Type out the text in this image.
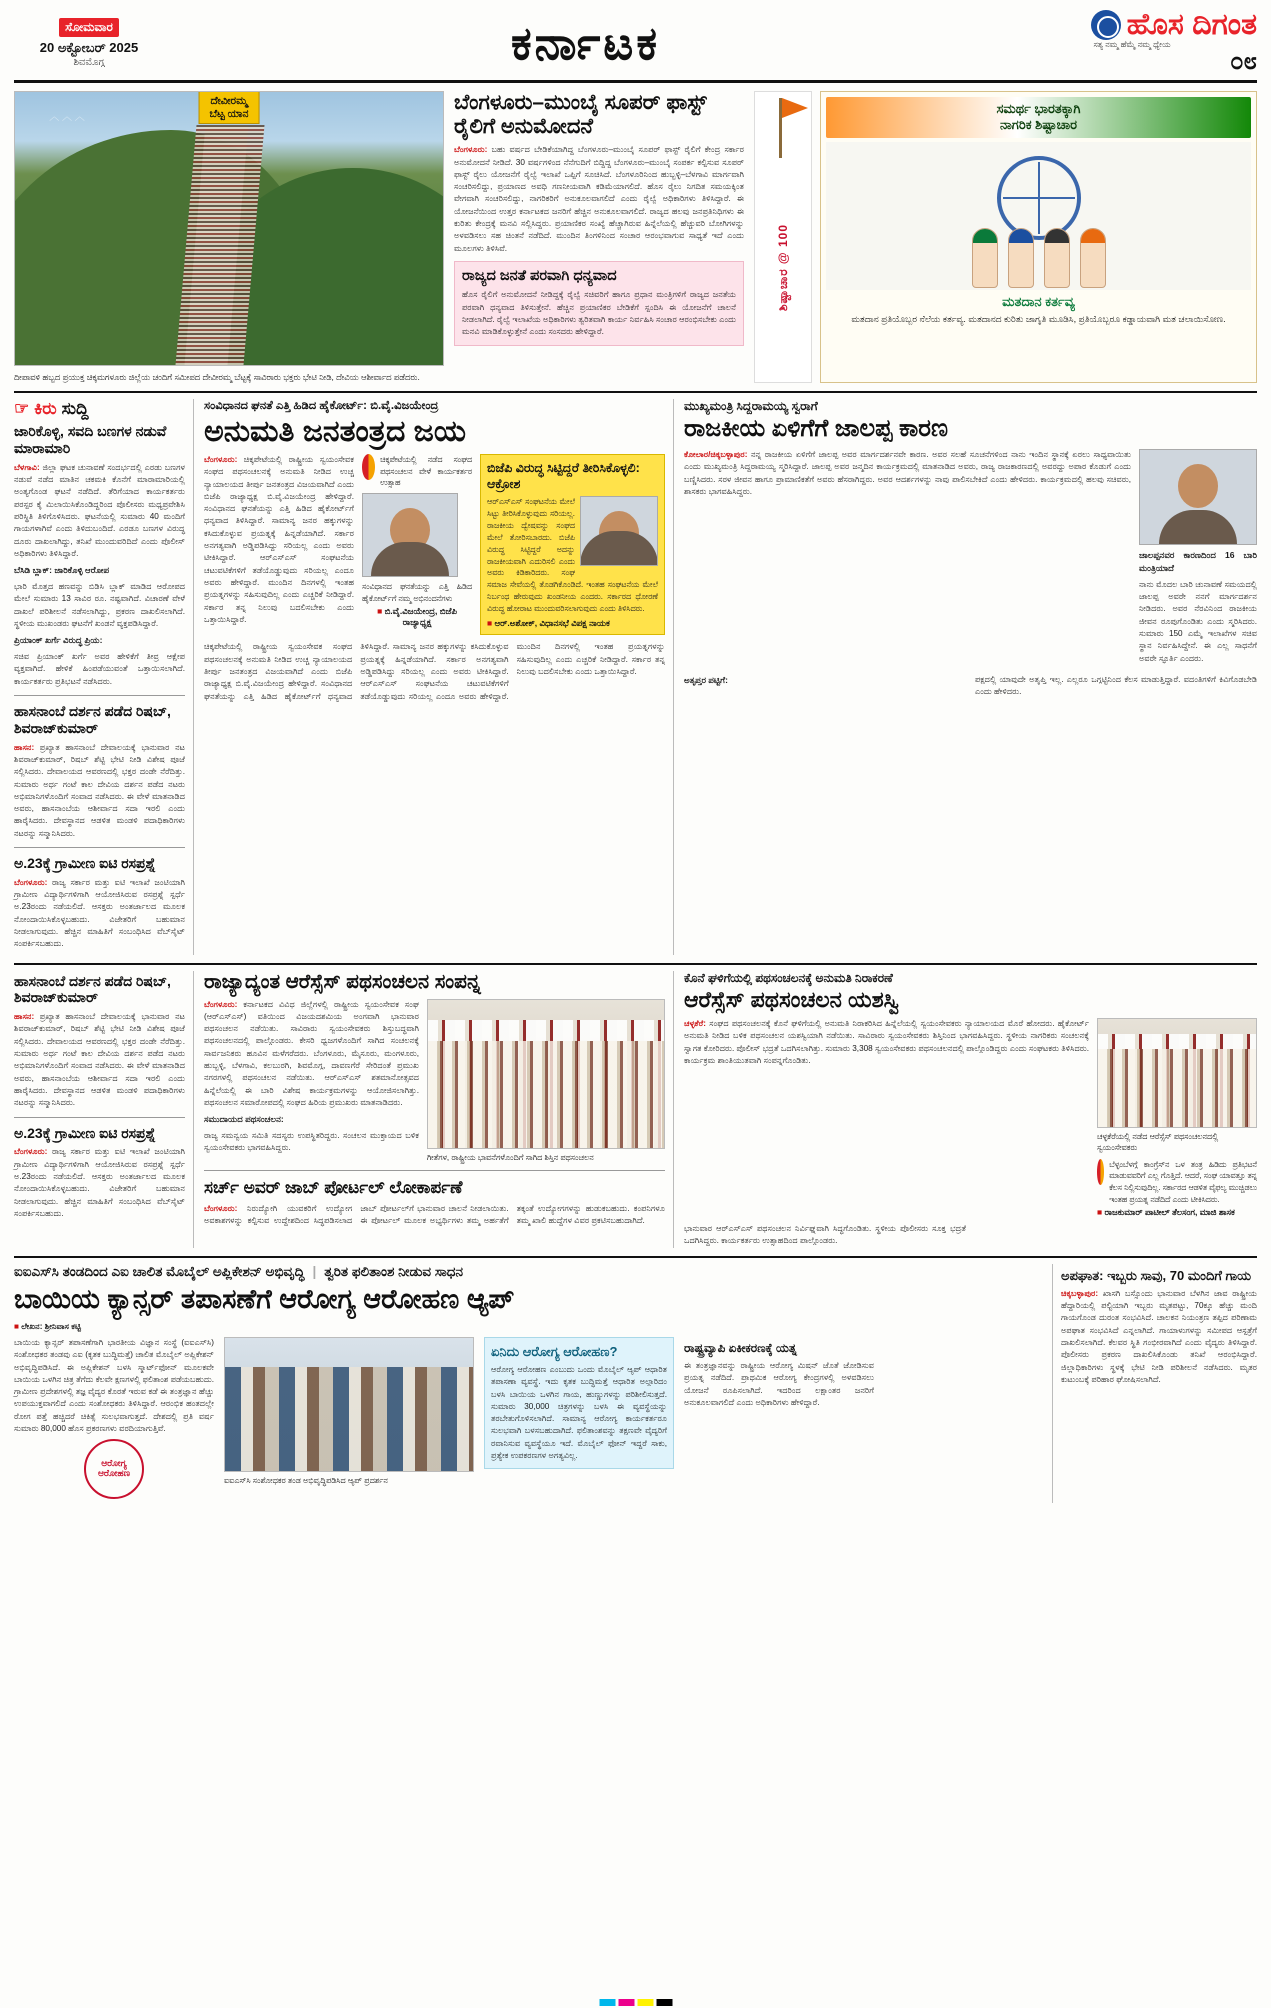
ಸೋಮವಾರ
20 ಅಕ್ಟೋಬರ್ 2025
ಶಿವಮೊಗ್ಗ	ಕರ್ನಾಟಕ	ಹೊಸ ದಿಗಂತ
ಸತ್ಯ ನಮ್ಮ ಹೆಮ್ಮೆ ನಮ್ಮ ಧ್ಯೇಯ
೦೮
︿ ︿ ︿
ದೇವೀರಮ್ಮ
ಬೆಟ್ಟ ಯಾನ
ದೀಪಾವಳಿ ಹಬ್ಬದ ಪ್ರಯುಕ್ತ ಚಿಕ್ಕಮಗಳೂರು ಜಿಲ್ಲೆಯ ಚಂದಿಗೆ ಸಮೀಪದ ದೇವೀರಮ್ಮ ಬೆಟ್ಟಕ್ಕೆ ಸಾವಿರಾರು ಭಕ್ತರು ಭೇಟಿ ನೀಡಿ, ದೇವಿಯ ಆಶೀರ್ವಾದ ಪಡೆದರು.
ಬೆಂಗಳೂರು–ಮುಂಬೈ ಸೂಪರ್ ಫಾಸ್ಟ್ ರೈಲಿಗೆ ಅನುಮೋದನೆ

ಬೆಂಗಳೂರು: ಬಹು ವರ್ಷದ ಬೇಡಿಕೆಯಾಗಿದ್ದ ಬೆಂಗಳೂರು–ಮುಂಬೈ ಸೂಪರ್ ಫಾಸ್ಟ್ ರೈಲಿಗೆ ಕೇಂದ್ರ ಸರ್ಕಾರ ಅನುಮೋದನೆ ನೀಡಿದೆ. 30 ವರ್ಷಗಳಿಂದ ನೆನೆಗುದಿಗೆ ಬಿದ್ದಿದ್ದ ಬೆಂಗಳೂರು–ಮುಂಬೈ ಸಂಪರ್ಕ ಕಲ್ಪಿಸುವ ಸೂಪರ್ ಫಾಸ್ಟ್ ರೈಲು ಯೋಜನೆಗೆ ರೈಲ್ವೆ ಇಲಾಖೆ ಒಪ್ಪಿಗೆ ಸೂಚಿಸಿದೆ. ಬೆಂಗಳೂರಿನಿಂದ ಹುಬ್ಬಳ್ಳಿ–ಬೆಳಗಾವಿ ಮಾರ್ಗವಾಗಿ ಸಂಚರಿಸಲಿದ್ದು, ಪ್ರಯಾಣದ ಅವಧಿ ಗಣನೀಯವಾಗಿ ಕಡಿಮೆಯಾಗಲಿದೆ. ಹೊಸ ರೈಲು ನಿಗದಿತ ಸಮಯಕ್ಕಿಂತ ವೇಗವಾಗಿ ಸಂಚರಿಸಲಿದ್ದು, ನಾಗರಿಕರಿಗೆ ಅನುಕೂಲವಾಗಲಿದೆ ಎಂದು ರೈಲ್ವೆ ಅಧಿಕಾರಿಗಳು ತಿಳಿಸಿದ್ದಾರೆ. ಈ ಯೋಜನೆಯಿಂದ ಉತ್ತರ ಕರ್ನಾಟಕದ ಜನರಿಗೆ ಹೆಚ್ಚಿನ ಅನುಕೂಲವಾಗಲಿದೆ. ರಾಜ್ಯದ ಹಲವು ಜನಪ್ರತಿನಿಧಿಗಳು ಈ ಕುರಿತು ಕೇಂದ್ರಕ್ಕೆ ಮನವಿ ಸಲ್ಲಿಸಿದ್ದರು. ಪ್ರಯಾಣಿಕರ ಸಂಖ್ಯೆ ಹೆಚ್ಚಾಗಿರುವ ಹಿನ್ನೆಲೆಯಲ್ಲಿ ಹೆಚ್ಚುವರಿ ಬೋಗಿಗಳನ್ನು ಅಳವಡಿಸಲು ಸಹ ಚಿಂತನೆ ನಡೆದಿದೆ. ಮುಂದಿನ ತಿಂಗಳಿನಿಂದ ಸಂಚಾರ ಆರಂಭವಾಗುವ ಸಾಧ್ಯತೆ ಇದೆ ಎಂದು ಮೂಲಗಳು ತಿಳಿಸಿವೆ.

ರಾಜ್ಯದ ಜನತೆ ಪರವಾಗಿ ಧನ್ಯವಾದ
ಹೊಸ ರೈಲಿಗೆ ಅನುಮೋದನೆ ನೀಡಿದ್ದಕ್ಕೆ ರೈಲ್ವೆ ಸಚಿವರಿಗೆ ಹಾಗೂ ಪ್ರಧಾನ ಮಂತ್ರಿಗಳಿಗೆ ರಾಜ್ಯದ ಜನತೆಯ ಪರವಾಗಿ ಧನ್ಯವಾದ ತಿಳಿಸುತ್ತೇನೆ. ಹೆಚ್ಚಿನ ಪ್ರಯಾಣಿಕರ ಬೇಡಿಕೆಗೆ ಸ್ಪಂದಿಸಿ ಈ ಯೋಜನೆಗೆ ಚಾಲನೆ ನೀಡಲಾಗಿದೆ. ರೈಲ್ವೆ ಇಲಾಖೆಯ ಅಧಿಕಾರಿಗಳು ತ್ವರಿತವಾಗಿ ಕಾರ್ಯ ನಿರ್ವಹಿಸಿ ಸಂಚಾರ ಆರಂಭಿಸಬೇಕು ಎಂದು ಮನವಿ ಮಾಡಿಕೊಳ್ಳುತ್ತೇನೆ ಎಂದು ಸಂಸದರು ಹೇಳಿದ್ದಾರೆ.
ಶಿಷ್ಟಾಚಾರ @ 100
ಸಮರ್ಥ ಭಾರತಕ್ಕಾಗಿ
ನಾಗರಿಕ ಶಿಷ್ಟಾಚಾರ
ಮತದಾನ ಕರ್ತವ್ಯ
ಮತದಾನ ಪ್ರತಿಯೊಬ್ಬರ ನೆಲೆಯ ಕರ್ತವ್ಯ. ಮತದಾನದ ಕುರಿತು ಜಾಗೃತಿ ಮೂಡಿಸಿ, ಪ್ರತಿಯೊಬ್ಬರೂ ಕಡ್ಡಾಯವಾಗಿ ಮತ ಚಲಾಯಿಸೋಣ.
☞ ಕಿರು ಸುದ್ದಿ
ಜಾರಿಕೊಳ್ಳಿ, ಸವದಿ ಬಣಗಳ ನಡುವೆ ಮಾರಾಮಾರಿ

ಬೆಳಗಾವಿ: ಜಿಲ್ಲಾ ಘಟಕ ಚುನಾವಣೆ ಸಂದರ್ಭದಲ್ಲಿ ಎರಡು ಬಣಗಳ ನಡುವೆ ನಡೆದ ಮಾತಿನ ಚಕಮಕಿ ಕೊನೆಗೆ ಮಾರಾಮಾರಿಯಲ್ಲಿ ಅಂತ್ಯಗೊಂಡ ಘಟನೆ ನಡೆದಿದೆ. ತೆರಿಗೆಯಾದ ಕಾರ್ಯಕರ್ತರು ಪರಸ್ಪರ ಕೈ ಮಿಲಾಯಿಸಿಕೊಂಡಿದ್ದರಿಂದ ಪೊಲೀಸರು ಮಧ್ಯಪ್ರವೇಶಿಸಿ ಪರಿಸ್ಥಿತಿ ತಿಳಿಗೊಳಿಸಿದರು. ಘಟನೆಯಲ್ಲಿ ಸುಮಾರು 40 ಮಂದಿಗೆ ಗಾಯಗಳಾಗಿವೆ ಎಂದು ತಿಳಿದುಬಂದಿದೆ. ಎರಡೂ ಬಣಗಳ ವಿರುದ್ಧ ದೂರು ದಾಖಲಾಗಿದ್ದು, ತನಿಖೆ ಮುಂದುವರಿದಿದೆ ಎಂದು ಪೊಲೀಸ್ ಅಧಿಕಾರಿಗಳು ತಿಳಿಸಿದ್ದಾರೆ.

ಬೆಸಿಡಿ ಬ್ಲಾಕ್: ಜಾರಿಕೊಳ್ಳಿ ಆರೋಪ

ಭಾರಿ ಮೊತ್ತದ ಹಣವನ್ನು ಬಿಡಿಸಿ ಬ್ಲಾಕ್ ಮಾಡಿದ ಆರೋಪದ ಮೇಲೆ ಸುಮಾರು 13 ಸಾವಿರ ರೂ. ನಷ್ಟವಾಗಿದೆ. ವಿಚಾರಣೆ ವೇಳೆ ದಾಖಲೆ ಪರಿಶೀಲನೆ ನಡೆಸಲಾಗಿದ್ದು, ಪ್ರಕರಣ ದಾಖಲಿಸಲಾಗಿದೆ. ಸ್ಥಳೀಯ ಮುಖಂಡರು ಘಟನೆಗೆ ಖಂಡನೆ ವ್ಯಕ್ತಪಡಿಸಿದ್ದಾರೆ.

ಪ್ರಿಯಾಂಕ್ ಖರ್ಗೆ ವಿರುದ್ಧ ಪ್ರಿಯ:

ಸಚಿವ ಪ್ರಿಯಾಂಕ್ ಖರ್ಗೆ ಅವರ ಹೇಳಿಕೆಗೆ ತೀವ್ರ ಆಕ್ಷೇಪ ವ್ಯಕ್ತವಾಗಿದೆ. ಹೇಳಿಕೆ ಹಿಂಪಡೆಯುವಂತೆ ಒತ್ತಾಯಿಸಲಾಗಿದೆ. ಕಾರ್ಯಕರ್ತರು ಪ್ರತಿಭಟನೆ ನಡೆಸಿದರು.

ಹಾಸನಾಂಬೆ ದರ್ಶನ ಪಡೆದ ರಿಷಬ್, ಶಿವರಾಜ್‌ಕುಮಾರ್

ಹಾಸನ: ಪ್ರಖ್ಯಾತ ಹಾಸನಾಂಬೆ ದೇವಾಲಯಕ್ಕೆ ಭಾನುವಾರ ನಟ ಶಿವರಾಜ್‌ಕುಮಾರ್, ರಿಷಬ್ ಶೆಟ್ಟಿ ಭೇಟಿ ನೀಡಿ ವಿಶೇಷ ಪೂಜೆ ಸಲ್ಲಿಸಿದರು. ದೇವಾಲಯದ ಆವರಣದಲ್ಲಿ ಭಕ್ತರ ದಂಡೇ ನೆರೆದಿತ್ತು. ಸುಮಾರು ಅರ್ಧ ಗಂಟೆ ಕಾಲ ದೇವಿಯ ದರ್ಶನ ಪಡೆದ ನಟರು ಅಭಿಮಾನಿಗಳೊಂದಿಗೆ ಸಂವಾದ ನಡೆಸಿದರು. ಈ ವೇಳೆ ಮಾತನಾಡಿದ ಅವರು, ಹಾಸನಾಂಬೆಯ ಆಶೀರ್ವಾದ ಸದಾ ಇರಲಿ ಎಂದು ಹಾರೈಸಿದರು. ದೇವಸ್ಥಾನದ ಆಡಳಿತ ಮಂಡಳಿ ಪದಾಧಿಕಾರಿಗಳು ನಟರನ್ನು ಸನ್ಮಾನಿಸಿದರು.

ಅ.23ಕ್ಕೆ ಗ್ರಾಮೀಣ ಐಟಿ ರಸಪ್ರಶ್ನೆ

ಬೆಂಗಳೂರು: ರಾಜ್ಯ ಸರ್ಕಾರ ಮತ್ತು ಐಟಿ ಇಲಾಖೆ ಜಂಟಿಯಾಗಿ ಗ್ರಾಮೀಣ ವಿದ್ಯಾರ್ಥಿಗಳಿಗಾಗಿ ಆಯೋಜಿಸಿರುವ ರಸಪ್ರಶ್ನೆ ಸ್ಪರ್ಧೆ ಅ.23ರಂದು ನಡೆಯಲಿದೆ. ಆಸಕ್ತರು ಅಂತರ್ಜಾಲದ ಮೂಲಕ ನೋಂದಾಯಿಸಿಕೊಳ್ಳಬಹುದು. ವಿಜೇತರಿಗೆ ಬಹುಮಾನ ನೀಡಲಾಗುವುದು. ಹೆಚ್ಚಿನ ಮಾಹಿತಿಗೆ ಸಂಬಂಧಿಸಿದ ವೆಬ್‌ಸೈಟ್ ಸಂಪರ್ಕಿಸಬಹುದು.

ಸಂವಿಧಾನದ ಘನತೆ ಎತ್ತಿ ಹಿಡಿದ ಹೈಕೋರ್ಟ್‌: ಬಿ.ವೈ.ವಿಜಯೇಂದ್ರ
ಅನುಮತಿ ಜನತಂತ್ರದ ಜಯ

ಬೆಂಗಳೂರು: ಚಿಕ್ಕಪೇಟೆಯಲ್ಲಿ ರಾಷ್ಟ್ರೀಯ ಸ್ವಯಂಸೇವಕ ಸಂಘದ ಪಥಸಂಚಲನಕ್ಕೆ ಅನುಮತಿ ನೀಡಿದ ಉಚ್ಚ ನ್ಯಾಯಾಲಯದ ತೀರ್ಪು ಜನತಂತ್ರದ ವಿಜಯವಾಗಿದೆ ಎಂದು ಬಿಜೆಪಿ ರಾಜ್ಯಾಧ್ಯಕ್ಷ ಬಿ.ವೈ.ವಿಜಯೇಂದ್ರ ಹೇಳಿದ್ದಾರೆ. ಸಂವಿಧಾನದ ಘನತೆಯನ್ನು ಎತ್ತಿ ಹಿಡಿದ ಹೈಕೋರ್ಟ್‌ಗೆ ಧನ್ಯವಾದ ತಿಳಿಸಿದ್ದಾರೆ. ಸಾಮಾನ್ಯ ಜನರ ಹಕ್ಕುಗಳನ್ನು ಕಸಿದುಕೊಳ್ಳುವ ಪ್ರಯತ್ನಕ್ಕೆ ಹಿನ್ನಡೆಯಾಗಿದೆ. ಸರ್ಕಾರ ಅನಗತ್ಯವಾಗಿ ಅಡ್ಡಿಪಡಿಸಿದ್ದು ಸರಿಯಲ್ಲ ಎಂದು ಅವರು ಟೀಕಿಸಿದ್ದಾರೆ. ಆರ್‌ಎಸ್‌ಎಸ್‌ ಸಂಘಟನೆಯ ಚಟುವಟಿಕೆಗಳಿಗೆ ತಡೆಯೊಡ್ಡುವುದು ಸರಿಯಲ್ಲ ಎಂದೂ ಅವರು ಹೇಳಿದ್ದಾರೆ. ಮುಂದಿನ ದಿನಗಳಲ್ಲಿ ಇಂತಹ ಪ್ರಯತ್ನಗಳನ್ನು ಸಹಿಸುವುದಿಲ್ಲ ಎಂದು ಎಚ್ಚರಿಕೆ ನೀಡಿದ್ದಾರೆ. ಸರ್ಕಾರ ತನ್ನ ನಿಲುವು ಬದಲಿಸಬೇಕು ಎಂದು ಒತ್ತಾಯಿಸಿದ್ದಾರೆ.

ಚಿಕ್ಕಪೇಟೆಯಲ್ಲಿ ನಡೆದ ಸಂಘದ ಪಥಸಂಚಲನ ವೇಳೆ ಕಾರ್ಯಕರ್ತರ ಉತ್ಸಾಹ
ಸಂವಿಧಾನದ ಘನತೆಯನ್ನು ಎತ್ತಿ ಹಿಡಿದ ಹೈಕೋರ್ಟ್‌ಗೆ ನಮ್ಮ ಅಭಿನಂದನೆಗಳು
■ ಬಿ.ವೈ.ವಿಜಯೇಂದ್ರ, ಬಿಜೆಪಿ ರಾಜ್ಯಾಧ್ಯಕ್ಷ
ಬಿಜೆಪಿ ವಿರುದ್ಧ ಸಿಟ್ಟಿದ್ದರೆ ತೀರಿಸಿಕೊಳ್ಳಲಿ: ಆಕ್ರೋಶ
ಆರ್‌ಎಸ್‌ಎಸ್‌ ಸಂಘಟನೆಯ ಮೇಲೆ ಸಿಟ್ಟು ತೀರಿಸಿಕೊಳ್ಳುವುದು ಸರಿಯಲ್ಲ. ರಾಜಕೀಯ ದ್ವೇಷವನ್ನು ಸಂಘದ ಮೇಲೆ ತೋರಿಸಬಾರದು. ಬಿಜೆಪಿ ವಿರುದ್ಧ ಸಿಟ್ಟಿದ್ದರೆ ಅದನ್ನು ರಾಜಕೀಯವಾಗಿ ಎದುರಿಸಲಿ ಎಂದು ಅವರು ಕಿಡಿಕಾರಿದರು. ಸಂಘ ಸಮಾಜ ಸೇವೆಯಲ್ಲಿ ತೊಡಗಿಕೊಂಡಿದೆ. ಇಂತಹ ಸಂಘಟನೆಯ ಮೇಲೆ ನಿರ್ಬಂಧ ಹೇರುವುದು ಖಂಡನೀಯ ಎಂದರು. ಸರ್ಕಾರದ ಧೋರಣೆ ವಿರುದ್ಧ ಹೋರಾಟ ಮುಂದುವರಿಸಲಾಗುವುದು ಎಂದು ತಿಳಿಸಿದರು.
■ ಆರ್.ಅಶೋಕ್, ವಿಧಾನಸಭೆ ವಿಪಕ್ಷ ನಾಯಕ

ಚಿಕ್ಕಪೇಟೆಯಲ್ಲಿ ರಾಷ್ಟ್ರೀಯ ಸ್ವಯಂಸೇವಕ ಸಂಘದ ಪಥಸಂಚಲನಕ್ಕೆ ಅನುಮತಿ ನೀಡಿದ ಉಚ್ಚ ನ್ಯಾಯಾಲಯದ ತೀರ್ಪು ಜನತಂತ್ರದ ವಿಜಯವಾಗಿದೆ ಎಂದು ಬಿಜೆಪಿ ರಾಜ್ಯಾಧ್ಯಕ್ಷ ಬಿ.ವೈ.ವಿಜಯೇಂದ್ರ ಹೇಳಿದ್ದಾರೆ. ಸಂವಿಧಾನದ ಘನತೆಯನ್ನು ಎತ್ತಿ ಹಿಡಿದ ಹೈಕೋರ್ಟ್‌ಗೆ ಧನ್ಯವಾದ ತಿಳಿಸಿದ್ದಾರೆ. ಸಾಮಾನ್ಯ ಜನರ ಹಕ್ಕುಗಳನ್ನು ಕಸಿದುಕೊಳ್ಳುವ ಪ್ರಯತ್ನಕ್ಕೆ ಹಿನ್ನಡೆಯಾಗಿದೆ. ಸರ್ಕಾರ ಅನಗತ್ಯವಾಗಿ ಅಡ್ಡಿಪಡಿಸಿದ್ದು ಸರಿಯಲ್ಲ ಎಂದು ಅವರು ಟೀಕಿಸಿದ್ದಾರೆ. ಆರ್‌ಎಸ್‌ಎಸ್‌ ಸಂಘಟನೆಯ ಚಟುವಟಿಕೆಗಳಿಗೆ ತಡೆಯೊಡ್ಡುವುದು ಸರಿಯಲ್ಲ ಎಂದೂ ಅವರು ಹೇಳಿದ್ದಾರೆ. ಮುಂದಿನ ದಿನಗಳಲ್ಲಿ ಇಂತಹ ಪ್ರಯತ್ನಗಳನ್ನು ಸಹಿಸುವುದಿಲ್ಲ ಎಂದು ಎಚ್ಚರಿಕೆ ನೀಡಿದ್ದಾರೆ. ಸರ್ಕಾರ ತನ್ನ ನಿಲುವು ಬದಲಿಸಬೇಕು ಎಂದು ಒತ್ತಾಯಿಸಿದ್ದಾರೆ.

ಮುಖ್ಯಮಂತ್ರಿ ಸಿದ್ದರಾಮಯ್ಯ ಸ್ವರಾಗೆ
ರಾಜಕೀಯ ಏಳಿಗೆಗೆ ಜಾಲಪ್ಪ ಕಾರಣ

ಕೋಲಾರ/ಚಿಕ್ಕಬಳ್ಳಾಪುರ: ನನ್ನ ರಾಜಕೀಯ ಏಳಿಗೆಗೆ ಜಾಲಪ್ಪ ಅವರ ಮಾರ್ಗದರ್ಶನವೇ ಕಾರಣ. ಅವರ ಸಲಹೆ ಸೂಚನೆಗಳಿಂದ ನಾನು ಇಂದಿನ ಸ್ಥಾನಕ್ಕೆ ಏರಲು ಸಾಧ್ಯವಾಯಿತು ಎಂದು ಮುಖ್ಯಮಂತ್ರಿ ಸಿದ್ದರಾಮಯ್ಯ ಸ್ಮರಿಸಿದ್ದಾರೆ. ಜಾಲಪ್ಪ ಅವರ ಜನ್ಮದಿನ ಕಾರ್ಯಕ್ರಮದಲ್ಲಿ ಮಾತನಾಡಿದ ಅವರು, ರಾಜ್ಯ ರಾಜಕಾರಣದಲ್ಲಿ ಅವರದ್ದು ಅಪಾರ ಕೊಡುಗೆ ಎಂದು ಬಣ್ಣಿಸಿದರು. ಸರಳ ಜೀವನ ಹಾಗೂ ಪ್ರಾಮಾಣಿಕತೆಗೆ ಅವರು ಹೆಸರಾಗಿದ್ದರು. ಅವರ ಆದರ್ಶಗಳನ್ನು ನಾವು ಪಾಲಿಸಬೇಕಿದೆ ಎಂದು ಹೇಳಿದರು. ಕಾರ್ಯಕ್ರಮದಲ್ಲಿ ಹಲವು ಸಚಿವರು, ಶಾಸಕರು ಭಾಗವಹಿಸಿದ್ದರು.

ಜಾಲಪ್ಪನವರ ಕಾರಣದಿಂದ 16 ಬಾರಿ ಮಂತ್ರಿಯಾದೆ

ನಾನು ಮೊದಲ ಬಾರಿ ಚುನಾವಣೆ ಸಮಯದಲ್ಲಿ ಜಾಲಪ್ಪ ಅವರೇ ನನಗೆ ಮಾರ್ಗದರ್ಶನ ನೀಡಿದರು. ಅವರ ನೆರವಿನಿಂದ ರಾಜಕೀಯ ಜೀವನ ರೂಪುಗೊಂಡಿತು ಎಂದು ಸ್ಮರಿಸಿದರು. ಸುಮಾರು 150 ಎಮ್ಮೆ ಇಲಾಖೆಗಳ ಸಚಿವ ಸ್ಥಾನ ನಿರ್ವಹಿಸಿದ್ದೇನೆ. ಈ ಎಲ್ಲ ಸಾಧನೆಗೆ ಅವರೇ ಸ್ಫೂರ್ತಿ ಎಂದರು.

ಅತೃಪ್ತರ ಪಟ್ಟಿಗೆ:	ಪಕ್ಷದಲ್ಲಿ ಯಾವುದೇ ಅತೃಪ್ತಿ ಇಲ್ಲ. ಎಲ್ಲರೂ ಒಗ್ಗಟ್ಟಿನಿಂದ ಕೆಲಸ ಮಾಡುತ್ತಿದ್ದಾರೆ. ವದಂತಿಗಳಿಗೆ ಕಿವಿಗೊಡಬೇಡಿ ಎಂದು ಹೇಳಿದರು.

ಹಾಸನಾಂಬೆ ದರ್ಶನ ಪಡೆದ ರಿಷಬ್, ಶಿವರಾಜ್‌ಕುಮಾರ್

ಹಾಸನ: ಪ್ರಖ್ಯಾತ ಹಾಸನಾಂಬೆ ದೇವಾಲಯಕ್ಕೆ ಭಾನುವಾರ ನಟ ಶಿವರಾಜ್‌ಕುಮಾರ್, ರಿಷಬ್ ಶೆಟ್ಟಿ ಭೇಟಿ ನೀಡಿ ವಿಶೇಷ ಪೂಜೆ ಸಲ್ಲಿಸಿದರು. ದೇವಾಲಯದ ಆವರಣದಲ್ಲಿ ಭಕ್ತರ ದಂಡೇ ನೆರೆದಿತ್ತು. ಸುಮಾರು ಅರ್ಧ ಗಂಟೆ ಕಾಲ ದೇವಿಯ ದರ್ಶನ ಪಡೆದ ನಟರು ಅಭಿಮಾನಿಗಳೊಂದಿಗೆ ಸಂವಾದ ನಡೆಸಿದರು. ಈ ವೇಳೆ ಮಾತನಾಡಿದ ಅವರು, ಹಾಸನಾಂಬೆಯ ಆಶೀರ್ವಾದ ಸದಾ ಇರಲಿ ಎಂದು ಹಾರೈಸಿದರು. ದೇವಸ್ಥಾನದ ಆಡಳಿತ ಮಂಡಳಿ ಪದಾಧಿಕಾರಿಗಳು ನಟರನ್ನು ಸನ್ಮಾನಿಸಿದರು.

ಅ.23ಕ್ಕೆ ಗ್ರಾಮೀಣ ಐಟಿ ರಸಪ್ರಶ್ನೆ

ಬೆಂಗಳೂರು: ರಾಜ್ಯ ಸರ್ಕಾರ ಮತ್ತು ಐಟಿ ಇಲಾಖೆ ಜಂಟಿಯಾಗಿ ಗ್ರಾಮೀಣ ವಿದ್ಯಾರ್ಥಿಗಳಿಗಾಗಿ ಆಯೋಜಿಸಿರುವ ರಸಪ್ರಶ್ನೆ ಸ್ಪರ್ಧೆ ಅ.23ರಂದು ನಡೆಯಲಿದೆ. ಆಸಕ್ತರು ಅಂತರ್ಜಾಲದ ಮೂಲಕ ನೋಂದಾಯಿಸಿಕೊಳ್ಳಬಹುದು. ವಿಜೇತರಿಗೆ ಬಹುಮಾನ ನೀಡಲಾಗುವುದು. ಹೆಚ್ಚಿನ ಮಾಹಿತಿಗೆ ಸಂಬಂಧಿಸಿದ ವೆಬ್‌ಸೈಟ್ ಸಂಪರ್ಕಿಸಬಹುದು.

ರಾಜ್ಯಾದ್ಯಂತ ಆರೆಸ್ಸೆಸ್ ಪಥಸಂಚಲನ ಸಂಪನ್ನ

ಬೆಂಗಳೂರು: ಕರ್ನಾಟಕದ ವಿವಿಧ ಜಿಲ್ಲೆಗಳಲ್ಲಿ ರಾಷ್ಟ್ರೀಯ ಸ್ವಯಂಸೇವಕ ಸಂಘ (ಆರ್‌ಎಸ್‌ಎಸ್) ವತಿಯಿಂದ ವಿಜಯದಶಮಿಯ ಅಂಗವಾಗಿ ಭಾನುವಾರ ಪಥಸಂಚಲನ ನಡೆಯಿತು. ಸಾವಿರಾರು ಸ್ವಯಂಸೇವಕರು ಶಿಸ್ತುಬದ್ಧವಾಗಿ ಪಥಸಂಚಲನದಲ್ಲಿ ಪಾಲ್ಗೊಂಡರು. ಕೇಸರಿ ಧ್ವಜಗಳೊಂದಿಗೆ ಸಾಗಿದ ಸಂಚಲನಕ್ಕೆ ಸಾರ್ವಜನಿಕರು ಹೂವಿನ ಮಳೆಗರೆದರು. ಬೆಂಗಳೂರು, ಮೈಸೂರು, ಮಂಗಳೂರು, ಹುಬ್ಬಳ್ಳಿ, ಬೆಳಗಾವಿ, ಕಲಬುರಗಿ, ಶಿವಮೊಗ್ಗ, ದಾವಣಗೆರೆ ಸೇರಿದಂತೆ ಪ್ರಮುಖ ನಗರಗಳಲ್ಲಿ ಪಥಸಂಚಲನ ನಡೆಯಿತು. ಆರ್‌ಎಸ್‌ಎಸ್ ಶತಮಾನೋತ್ಸವದ ಹಿನ್ನೆಲೆಯಲ್ಲಿ ಈ ಬಾರಿ ವಿಶೇಷ ಕಾರ್ಯಕ್ರಮಗಳನ್ನು ಆಯೋಜಿಸಲಾಗಿತ್ತು. ಪಥಸಂಚಲನ ಸಮಾರೋಪದಲ್ಲಿ ಸಂಘದ ಹಿರಿಯ ಪ್ರಮುಖರು ಮಾತನಾಡಿದರು.

ಸಮುದಾಯದ ಪಥಸಂಚಲನ:

ರಾಜ್ಯ ಸಮನ್ವಯ ಸಮಿತಿ ಸದಸ್ಯರು ಉಪಸ್ಥಿತರಿದ್ದರು. ಸಂಚಲನ ಮುಕ್ತಾಯದ ಬಳಿಕ ಸ್ವಯಂಸೇವಕರು ಭಾಗವಹಿಸಿದ್ದರು.

ಗೀತೆಗಳ, ರಾಷ್ಟ್ರೀಯ ಭಾವನೆಗಳೊಂದಿಗೆ ಸಾಗಿದ ಶಿಸ್ತಿನ ಪಥಸಂಚಲನ
ಸರ್ಚ್ ಅವರ್ ಜಾಬ್ ಪೋರ್ಟಲ್ ಲೋಕಾರ್ಪಣೆ

ಬೆಂಗಳೂರು: ನಿರುದ್ಯೋಗಿ ಯುವಕರಿಗೆ ಉದ್ಯೋಗ ಅವಕಾಶಗಳನ್ನು ಕಲ್ಪಿಸುವ ಉದ್ದೇಶದಿಂದ ಸಿದ್ಧಪಡಿಸಲಾದ ಜಾಬ್ ಪೋರ್ಟಲ್‌ಗೆ ಭಾನುವಾರ ಚಾಲನೆ ನೀಡಲಾಯಿತು. ಈ ಪೋರ್ಟಲ್ ಮೂಲಕ ಅಭ್ಯರ್ಥಿಗಳು ತಮ್ಮ ಅರ್ಹತೆಗೆ ತಕ್ಕಂತೆ ಉದ್ಯೋಗಗಳನ್ನು ಹುಡುಕಬಹುದು. ಕಂಪನಿಗಳೂ ತಮ್ಮ ಖಾಲಿ ಹುದ್ದೆಗಳ ವಿವರ ಪ್ರಕಟಿಸಬಹುದಾಗಿದೆ.

ಕೊನೆ ಘಳಿಗೆಯಲ್ಲಿ ಪಥಸಂಚಲನಕ್ಕೆ ಅನುಮತಿ ನಿರಾಕರಣೆ
ಆರೆಸ್ಸೆಸ್ ಪಥಸಂಚಲನ ಯಶಸ್ವಿ

ಚಳ್ಳಕೆರೆ: ಸಂಘದ ಪಥಸಂಚಲನಕ್ಕೆ ಕೊನೆ ಘಳಿಗೆಯಲ್ಲಿ ಅನುಮತಿ ನಿರಾಕರಿಸಿದ ಹಿನ್ನೆಲೆಯಲ್ಲಿ ಸ್ವಯಂಸೇವಕರು ನ್ಯಾಯಾಲಯದ ಮೊರೆ ಹೋದರು. ಹೈಕೋರ್ಟ್ ಅನುಮತಿ ನೀಡಿದ ಬಳಿಕ ಪಥಸಂಚಲನ ಯಶಸ್ವಿಯಾಗಿ ನಡೆಯಿತು. ಸಾವಿರಾರು ಸ್ವಯಂಸೇವಕರು ಶಿಸ್ತಿನಿಂದ ಭಾಗವಹಿಸಿದ್ದರು. ಸ್ಥಳೀಯ ನಾಗರಿಕರು ಸಂಚಲನಕ್ಕೆ ಸ್ವಾಗತ ಕೋರಿದರು. ಪೊಲೀಸ್ ಭದ್ರತೆ ಒದಗಿಸಲಾಗಿತ್ತು. ಸುಮಾರು 3,308 ಸ್ವಯಂಸೇವಕರು ಪಥಸಂಚಲನದಲ್ಲಿ ಪಾಲ್ಗೊಂಡಿದ್ದರು ಎಂದು ಸಂಘಟಕರು ತಿಳಿಸಿದರು. ಕಾರ್ಯಕ್ರಮ ಶಾಂತಿಯುತವಾಗಿ ಸಂಪನ್ನಗೊಂಡಿತು.

ಚಳ್ಳಕೆರೆಯಲ್ಲಿ ನಡೆದ ಆರೆಸ್ಸೆಸ್ ಪಥಸಂಚಲನದಲ್ಲಿ ಸ್ವಯಂಸೇವಕರು
ಬೆಳ್ಳಂಬೆಳಗ್ಗೆ ಕಾಂಗ್ರೆಸ್‌ನ ಒಳ ತಂತ್ರ ಹಿಡಿದು ಪ್ರತಿಭಟನೆ ಮಾಡುವವರಿಗೆ ಎಲ್ಲ ಗೊತ್ತಿದೆ. ಆದರೆ, ಸಂಘ ಯಾವತ್ತೂ ತನ್ನ ಕೆಲಸ ನಿಲ್ಲಿಸುವುದಿಲ್ಲ. ಸರ್ಕಾರದ ಆಡಳಿತ ವೈಫಲ್ಯ ಮುಚ್ಚಿಡಲು ಇಂತಹ ಪ್ರಯತ್ನ ನಡೆದಿದೆ ಎಂದು ಟೀಕಿಸಿದರು.
■ ರಾಜಕುಮಾರ್ ಪಾಟೀಲ್ ತೆಲಸಂಗ, ಮಾಜಿ ಶಾಸಕ
ಭಾನುವಾರ ಆರ್‌ಎಸ್‌ಎಸ್ ಪಥಸಂಚಲನ ನಿರ್ವಿಘ್ನವಾಗಿ ಸಿದ್ಧಗೊಂಡಿತು. ಸ್ಥಳೀಯ ಪೊಲೀಸರು ಸೂಕ್ತ ಭದ್ರತೆ ಒದಗಿಸಿದ್ದರು. ಕಾರ್ಯಕರ್ತರು ಉತ್ಸಾಹದಿಂದ ಪಾಲ್ಗೊಂಡರು.
ಐಐಎಸ್‌ಸಿ ತಂಡದಿಂದ ಎಐ ಚಾಲಿತ ಮೊಬೈಲ್ ಅಪ್ಲಿಕೇಶನ್ ಅಭಿವೃದ್ಧಿ | ತ್ವರಿತ ಫಲಿತಾಂಶ ನೀಡುವ ಸಾಧನ
ಬಾಯಿಯ ಕ್ಯಾನ್ಸರ್ ತಪಾಸಣೆಗೆ ಆರೋಗ್ಯ ಆರೋಹಣ ಆ್ಯಪ್
■ ಲೇಖನ: ಶ್ರೀನಿವಾಸ ಕಟ್ಟಿ
ಬಾಯಿಯ ಕ್ಯಾನ್ಸರ್ ತಪಾಸಣೆಗಾಗಿ ಭಾರತೀಯ ವಿಜ್ಞಾನ ಸಂಸ್ಥೆ (ಐಐಎಸ್‌ಸಿ) ಸಂಶೋಧಕರ ತಂಡವು ಎಐ (ಕೃತಕ ಬುದ್ಧಿಮತ್ತೆ) ಚಾಲಿತ ಮೊಬೈಲ್ ಅಪ್ಲಿಕೇಶನ್ ಅಭಿವೃದ್ಧಿಪಡಿಸಿದೆ. ಈ ಅಪ್ಲಿಕೇಶನ್ ಬಳಸಿ ಸ್ಮಾರ್ಟ್‌ಫೋನ್ ಮೂಲಕವೇ ಬಾಯಿಯ ಒಳಗಿನ ಚಿತ್ರ ತೆಗೆದು ಕೆಲವೇ ಕ್ಷಣಗಳಲ್ಲಿ ಫಲಿತಾಂಶ ಪಡೆಯಬಹುದು. ಗ್ರಾಮೀಣ ಪ್ರದೇಶಗಳಲ್ಲಿ ತಜ್ಞ ವೈದ್ಯರ ಕೊರತೆ ಇರುವ ಕಡೆ ಈ ತಂತ್ರಜ್ಞಾನ ಹೆಚ್ಚು ಉಪಯುಕ್ತವಾಗಲಿದೆ ಎಂದು ಸಂಶೋಧಕರು ತಿಳಿಸಿದ್ದಾರೆ. ಆರಂಭಿಕ ಹಂತದಲ್ಲೇ ರೋಗ ಪತ್ತೆ ಹಚ್ಚಿದರೆ ಚಿಕಿತ್ಸೆ ಸುಲಭವಾಗುತ್ತದೆ. ದೇಶದಲ್ಲಿ ಪ್ರತಿ ವರ್ಷ ಸುಮಾರು 80,000 ಹೊಸ ಪ್ರಕರಣಗಳು ವರದಿಯಾಗುತ್ತಿವೆ.
ಆರೋಗ್ಯ ಆರೋಹಣ
ಐಐಎಸ್‌ಸಿ ಸಂಶೋಧಕರ ತಂಡ ಅಭಿವೃದ್ಧಿಪಡಿಸಿದ ಆ್ಯಪ್ ಪ್ರದರ್ಶನ
ಏನಿದು ಆರೋಗ್ಯ ಆರೋಹಣ?
ಆರೋಗ್ಯ ಆರೋಹಣ ಎಂಬುದು ಒಂದು ಮೊಬೈಲ್ ಆ್ಯಪ್ ಆಧಾರಿತ ತಪಾಸಣಾ ವ್ಯವಸ್ಥೆ. ಇದು ಕೃತಕ ಬುದ್ಧಿಮತ್ತೆ ಆಧಾರಿತ ಅಲ್ಗಾರಿದಂ ಬಳಸಿ ಬಾಯಿಯ ಒಳಗಿನ ಗಾಯ, ಹುಣ್ಣುಗಳನ್ನು ಪರಿಶೀಲಿಸುತ್ತದೆ. ಸುಮಾರು 30,000 ಚಿತ್ರಗಳನ್ನು ಬಳಸಿ ಈ ವ್ಯವಸ್ಥೆಯನ್ನು ತರಬೇತುಗೊಳಿಸಲಾಗಿದೆ. ಸಾಮಾನ್ಯ ಆರೋಗ್ಯ ಕಾರ್ಯಕರ್ತರೂ ಸುಲಭವಾಗಿ ಬಳಸಬಹುದಾಗಿದೆ. ಫಲಿತಾಂಶವನ್ನು ತಕ್ಷಣವೇ ವೈದ್ಯರಿಗೆ ರವಾನಿಸುವ ವ್ಯವಸ್ಥೆಯೂ ಇದೆ. ಮೊಬೈಲ್ ಫೋನ್ ಇದ್ದರೆ ಸಾಕು, ಪ್ರತ್ಯೇಕ ಉಪಕರಣಗಳ ಅಗತ್ಯವಿಲ್ಲ.
ರಾಷ್ಟ್ರವ್ಯಾಪಿ ಏಕೀಕರಣಕ್ಕೆ ಯತ್ನ
ಈ ತಂತ್ರಜ್ಞಾನವನ್ನು ರಾಷ್ಟ್ರೀಯ ಆರೋಗ್ಯ ಮಿಷನ್ ಜೊತೆ ಜೋಡಿಸುವ ಪ್ರಯತ್ನ ನಡೆದಿದೆ. ಪ್ರಾಥಮಿಕ ಆರೋಗ್ಯ ಕೇಂದ್ರಗಳಲ್ಲಿ ಅಳವಡಿಸಲು ಯೋಜನೆ ರೂಪಿಸಲಾಗಿದೆ. ಇದರಿಂದ ಲಕ್ಷಾಂತರ ಜನರಿಗೆ ಅನುಕೂಲವಾಗಲಿದೆ ಎಂದು ಅಧಿಕಾರಿಗಳು ಹೇಳಿದ್ದಾರೆ.
ಅಪಘಾತ: ಇಬ್ಬರು ಸಾವು, 70 ಮಂದಿಗೆ ಗಾಯ

ಚಿಕ್ಕಬಳ್ಳಾಪುರ: ಖಾಸಗಿ ಬಸ್ಸೊಂದು ಭಾನುವಾರ ಬೆಳಗಿನ ಜಾವ ರಾಷ್ಟ್ರೀಯ ಹೆದ್ದಾರಿಯಲ್ಲಿ ಪಲ್ಟಿಯಾಗಿ ಇಬ್ಬರು ಮೃತಪಟ್ಟು, 70ಕ್ಕೂ ಹೆಚ್ಚು ಮಂದಿ ಗಾಯಗೊಂಡ ದುರಂತ ಸಂಭವಿಸಿದೆ. ಚಾಲಕನ ನಿಯಂತ್ರಣ ತಪ್ಪಿದ ಪರಿಣಾಮ ಅಪಘಾತ ಸಂಭವಿಸಿದೆ ಎನ್ನಲಾಗಿದೆ. ಗಾಯಾಳುಗಳನ್ನು ಸಮೀಪದ ಆಸ್ಪತ್ರೆಗೆ ದಾಖಲಿಸಲಾಗಿದೆ. ಕೆಲವರ ಸ್ಥಿತಿ ಗಂಭೀರವಾಗಿದೆ ಎಂದು ವೈದ್ಯರು ತಿಳಿಸಿದ್ದಾರೆ. ಪೊಲೀಸರು ಪ್ರಕರಣ ದಾಖಲಿಸಿಕೊಂಡು ತನಿಖೆ ಆರಂಭಿಸಿದ್ದಾರೆ. ಜಿಲ್ಲಾಧಿಕಾರಿಗಳು ಸ್ಥಳಕ್ಕೆ ಭೇಟಿ ನೀಡಿ ಪರಿಶೀಲನೆ ನಡೆಸಿದರು. ಮೃತರ ಕುಟುಂಬಕ್ಕೆ ಪರಿಹಾರ ಘೋಷಿಸಲಾಗಿದೆ.
